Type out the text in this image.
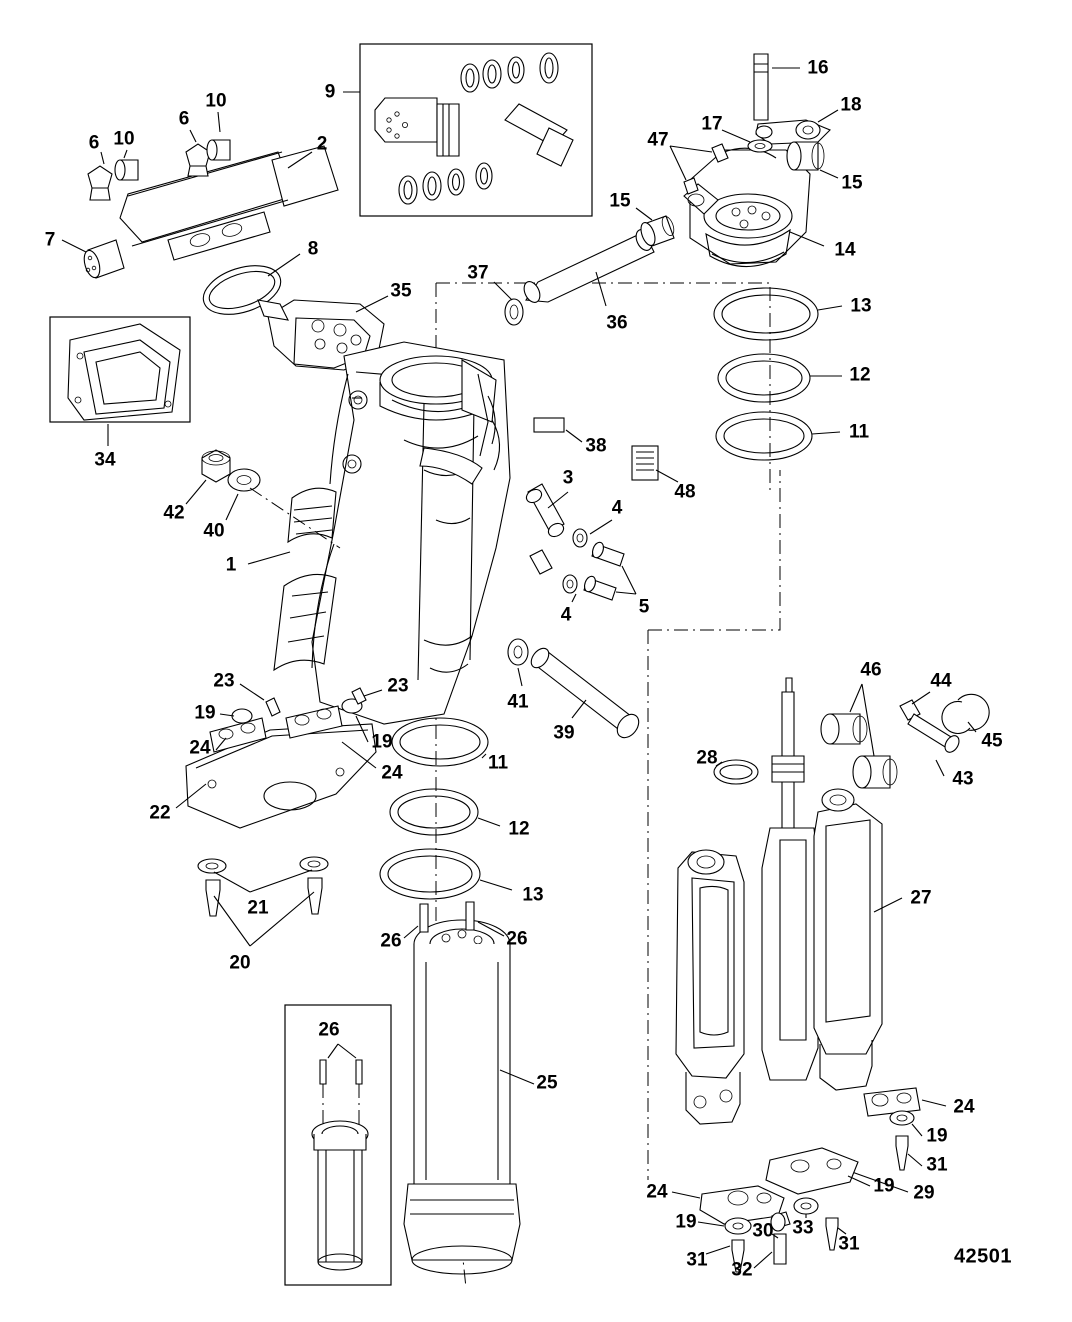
9
10
6
2
6 10
16
18
17
47
15
7	8
15
14
37
36
13
35
12
34
11
38
48
42
40
3
4
1
4	5
41
39
23	23
19
19
24
24	11
22
12
21
13
26	26
20
46
44
45
43
28
27
26
25
24
19
31
29
19
24
19
31
30
32
33
31
42501
